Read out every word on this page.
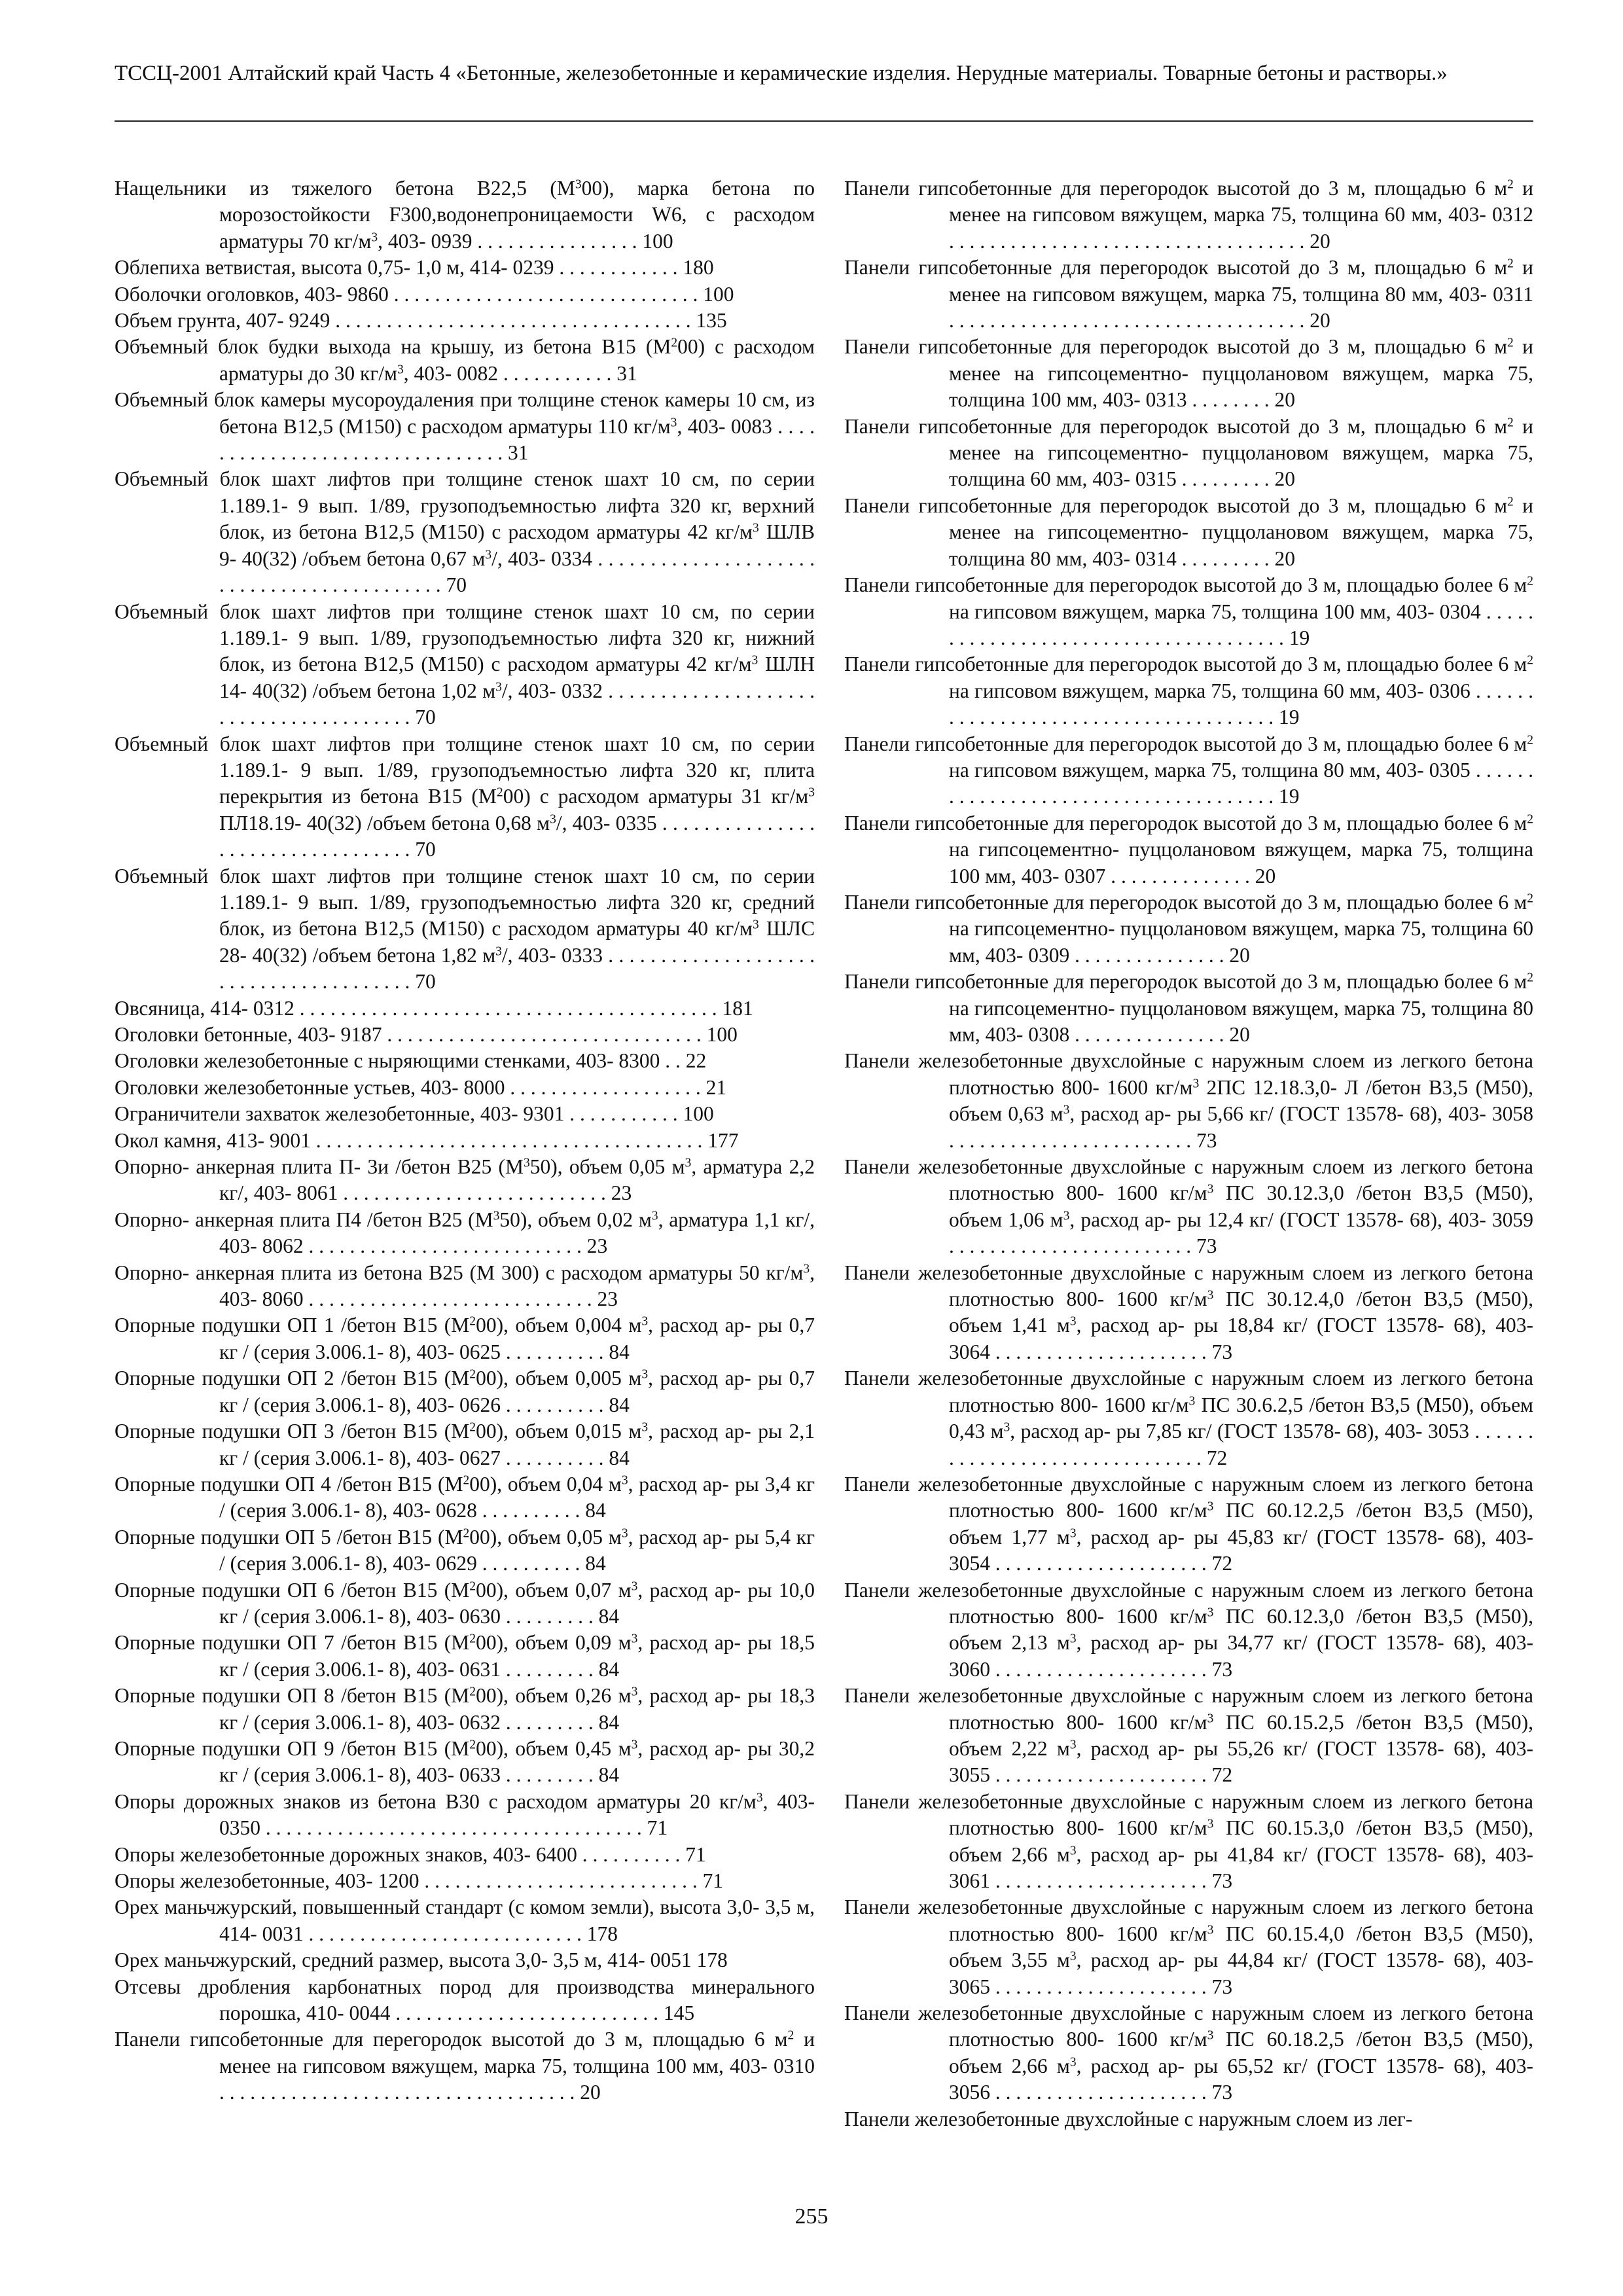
ТССЦ-2001 Алтайский край Часть 4 «Бетонные, железобетонные и керамические изделия. Нерудные материалы. Товарные бетоны и растворы.»

Нащельники из тяжелого бетона В22,5 $(М^300)$, марка бетона по морозостойкости F300,водонепроницаемости W6, с расходом арматуры 70 $кг/м^3$, 403- 0939 . . . . . . . . . . . . . . . . 100

Облепиха ветвистая, высота 0,75- 1,0 м, 414- 0239 . . . . . . . . . . . . 180

Оболочки оголовков, 403- 9860 . . . . . . . . . . . . . . . . . . . . . . . . . . . . . . 100

Объем грунта, 407- 9249 . . . . . . . . . . . . . . . . . . . . . . . . . . . . . . . . . . . 135

Объемный блок будки выхода на крышу, из бетона В15 $(М^200)$ с расходом арматуры до 30 $кг/м^3$, 403- 0082 . . . . . . . . . . . 31

Объемный блок камеры мусороудаления при толщине стенок камеры 10 см, из бетона В12,5 (М150) с расходом арматуры 110 $кг/м^3$, 403- 0083 . . . . . . . . . . . . . . . . . . . . . . . . . . . . . . . . 31

Объемный блок шахт лифтов при толщине стенок шахт 10 см, по серии 1.189.1- 9 вып. 1/89, грузоподъемностью лифта 320 кг, верхний блок, из бетона В12,5 (М150) с расходом арматуры 42 $кг/м^3$ ШЛВ 9- 40(32) /объем бетона 0,67 $м^3/$, 403- 0334 . . . . . . . . . . . . . . . . . . . . . . . . . . . . . . . . . . . . . . . . . . . 70

Объемный блок шахт лифтов при толщине стенок шахт 10 см, по серии 1.189.1- 9 вып. 1/89, грузоподъемностью лифта 320 кг, нижний блок, из бетона В12,5 (М150) с расходом арматуры 42 $кг/м^3$ ШЛН 14- 40(32) /объем бетона 1,02 $м^3/$, 403- 0332 . . . . . . . . . . . . . . . . . . . . . . . . . . . . . . . . . . . . . . . 70

Объемный блок шахт лифтов при толщине стенок шахт 10 см, по серии 1.189.1- 9 вып. 1/89, грузоподъемностью лифта 320 кг, плита перекрытия из бетона В15 $(М^200)$ с расходом арматуры 31 $кг/м^3$ ПЛ18.19- 40(32) /объем бетона 0,68 $м^3/$, 403- 0335 . . . . . . . . . . . . . . . . . . . . . . . . . . . . . . . . . . 70

Объемный блок шахт лифтов при толщине стенок шахт 10 см, по серии 1.189.1- 9 вып. 1/89, грузоподъемностью лифта 320 кг, средний блок, из бетона В12,5 (М150) с расходом арматуры 40 $кг/м^3$ ШЛС 28- 40(32) /объем бетона 1,82 $м^3/$, 403- 0333 . . . . . . . . . . . . . . . . . . . . . . . . . . . . . . . . . . . . . . . 70

Овсяница, 414- 0312 . . . . . . . . . . . . . . . . . . . . . . . . . . . . . . . . . . . . . . . . . 181

Оголовки бетонные, 403- 9187 . . . . . . . . . . . . . . . . . . . . . . . . . . . . . . . 100

Оголовки железобетонные с ныряющими стенками, 403- 8300 . . 22

Оголовки железобетонные устьев, 403- 8000 . . . . . . . . . . . . . . . . . . . 21

Ограничители захваток железобетонные, 403- 9301 . . . . . . . . . . . 100

Окол камня, 413- 9001 . . . . . . . . . . . . . . . . . . . . . . . . . . . . . . . . . . . . . . 177

Опорно- анкерная плита П- 3и /бетон В25 $(М^350)$, объем 0,05 $м^3$, арматура 2,2 кг/, 403- 8061 . . . . . . . . . . . . . . . . . . . . . . . . . . 23

Опорно- анкерная плита П4 /бетон В25 $(М^350)$, объем 0,02 $м^3$, арматура 1,1 кг/, 403- 8062 . . . . . . . . . . . . . . . . . . . . . . . . . . . 23

Опорно- анкерная плита из бетона В25 (М 300) с расходом арматуры 50 $кг/м^3$, 403- 8060 . . . . . . . . . . . . . . . . . . . . . . . . . . . . 23

Опорные подушки ОП 1 /бетон В15 $(М^200)$, объем 0,004 $м^3$, расход ар- ры 0,7 кг / (серия 3.006.1- 8), 403- 0625 . . . . . . . . . . 84

Опорные подушки ОП 2 /бетон В15 $(М^200)$, объем 0,005 $м^3$, расход ар- ры 0,7 кг / (серия 3.006.1- 8), 403- 0626 . . . . . . . . . . 84

Опорные подушки ОП 3 /бетон В15 $(М^200)$, объем 0,015 $м^3$, расход ар- ры 2,1 кг / (серия 3.006.1- 8), 403- 0627 . . . . . . . . . . 84

Опорные подушки ОП 4 /бетон В15 $(М^200)$, объем 0,04 $м^3$, расход ар- ры 3,4 кг / (серия 3.006.1- 8), 403- 0628 . . . . . . . . . . 84

Опорные подушки ОП 5 /бетон В15 $(М^200)$, объем 0,05 $м^3$, расход ар- ры 5,4 кг / (серия 3.006.1- 8), 403- 0629 . . . . . . . . . . 84

Опорные подушки ОП 6 /бетон В15 $(М^200)$, объем 0,07 $м^3$, расход ар- ры 10,0 кг / (серия 3.006.1- 8), 403- 0630 . . . . . . . . . 84

Опорные подушки ОП 7 /бетон В15 $(М^200)$, объем 0,09 $м^3$, расход ар- ры 18,5 кг / (серия 3.006.1- 8), 403- 0631 . . . . . . . . . 84

Опорные подушки ОП 8 /бетон В15 $(М^200)$, объем 0,26 $м^3$, расход ар- ры 18,3 кг / (серия 3.006.1- 8), 403- 0632 . . . . . . . . . 84

Опорные подушки ОП 9 /бетон В15 $(М^200)$, объем 0,45 $м^3$, расход ар- ры 30,2 кг / (серия 3.006.1- 8), 403- 0633 . . . . . . . . . 84

Опоры дорожных знаков из бетона В30 с расходом арматуры 20 $кг/м^3$, 403- 0350 . . . . . . . . . . . . . . . . . . . . . . . . . . . . . . . . . . . . . 71

Опоры железобетонные дорожных знаков, 403- 6400 . . . . . . . . . . 71

Опоры железобетонные, 403- 1200 . . . . . . . . . . . . . . . . . . . . . . . . . . . 71

Орех маньчжурский, повышенный стандарт (с комом земли), высота 3,0- 3,5 м, 414- 0031 . . . . . . . . . . . . . . . . . . . . . . . . . . . 178

Орех маньчжурский, средний размер, высота 3,0- 3,5 м, 414- 0051 178

Отсевы дробления карбонатных пород для производства минерального порошка, 410- 0044 . . . . . . . . . . . . . . . . . . . . . . . . . . 145

Панели гипсобетонные для перегородок высотой до 3 м, площадью 6 $м^2$ и менее на гипсовом вяжущем, марка 75, толщина 100 мм, 403- 0310 . . . . . . . . . . . . . . . . . . . . . . . . . . . . . . . . . . . 20

Панели гипсобетонные для перегородок высотой до 3 м, площадью 6 $м^2$ и менее на гипсовом вяжущем, марка 75, толщина 60 мм, 403- 0312 . . . . . . . . . . . . . . . . . . . . . . . . . . . . . . . . . . . 20

Панели гипсобетонные для перегородок высотой до 3 м, площадью 6 $м^2$ и менее на гипсовом вяжущем, марка 75, толщина 80 мм, 403- 0311 . . . . . . . . . . . . . . . . . . . . . . . . . . . . . . . . . . . 20

Панели гипсобетонные для перегородок высотой до 3 м, площадью 6 $м^2$ и менее на гипсоцементно- пуццолановом вяжущем, марка 75, толщина 100 мм, 403- 0313 . . . . . . . . 20

Панели гипсобетонные для перегородок высотой до 3 м, площадью 6 $м^2$ и менее на гипсоцементно- пуццолановом вяжущем, марка 75, толщина 60 мм, 403- 0315 . . . . . . . . . 20

Панели гипсобетонные для перегородок высотой до 3 м, площадью 6 $м^2$ и менее на гипсоцементно- пуццолановом вяжущем, марка 75, толщина 80 мм, 403- 0314 . . . . . . . . . 20

Панели гипсобетонные для перегородок высотой до 3 м, площадью более 6 $м^2$ на гипсовом вяжущем, марка 75, толщина 100 мм, 403- 0304 . . . . . . . . . . . . . . . . . . . . . . . . . . . . . . . . . . . . . . 19

Панели гипсобетонные для перегородок высотой до 3 м, площадью более 6 $м^2$ на гипсовом вяжущем, марка 75, толщина 60 мм, 403- 0306 . . . . . . . . . . . . . . . . . . . . . . . . . . . . . . . . . . . . . . 19

Панели гипсобетонные для перегородок высотой до 3 м, площадью более 6 $м^2$ на гипсовом вяжущем, марка 75, толщина 80 мм, 403- 0305 . . . . . . . . . . . . . . . . . . . . . . . . . . . . . . . . . . . . . . 19

Панели гипсобетонные для перегородок высотой до 3 м, площадью более 6 $м^2$ на гипсоцементно- пуццолановом вяжущем, марка 75, толщина 100 мм, 403- 0307 . . . . . . . . . . . . . . 20

Панели гипсобетонные для перегородок высотой до 3 м, площадью более 6 $м^2$ на гипсоцементно- пуццолановом вяжущем, марка 75, толщина 60 мм, 403- 0309 . . . . . . . . . . . . . . . 20

Панели гипсобетонные для перегородок высотой до 3 м, площадью более 6 $м^2$ на гипсоцементно- пуццолановом вяжущем, марка 75, толщина 80 мм, 403- 0308 . . . . . . . . . . . . . . . 20

Панели железобетонные двухслойные с наружным слоем из легкого бетона плотностью 800- 1600 $кг/м^3$ 2ПС 12.18.3,0- Л /бетон В3,5 (М50), объем 0,63 $м^3$, расход ар- ры 5,66 кг/ (ГОСТ 13578- 68), 403- 3058 . . . . . . . . . . . . . . . . . . . . . . . . 73

Панели железобетонные двухслойные с наружным слоем из легкого бетона плотностью 800- 1600 $кг/м^3$ ПС 30.12.3,0 /бетон В3,5 (М50), объем 1,06 $м^3$, расход ар- ры 12,4 кг/ (ГОСТ 13578- 68), 403- 3059 . . . . . . . . . . . . . . . . . . . . . . . . 73

Панели железобетонные двухслойные с наружным слоем из легкого бетона плотностью 800- 1600 $кг/м^3$ ПС 30.12.4,0 /бетон В3,5 (М50), объем 1,41 $м^3$, расход ар- ры 18,84 кг/ (ГОСТ 13578- 68), 403- 3064 . . . . . . . . . . . . . . . . . . . . . 73

Панели железобетонные двухслойные с наружным слоем из легкого бетона плотностью 800- 1600 $кг/м^3$ ПС 30.6.2,5 /бетон В3,5 (М50), объем 0,43 $м^3$, расход ар- ры 7,85 кг/ (ГОСТ 13578- 68), 403- 3053 . . . . . . . . . . . . . . . . . . . . . . . . . . . . . . . 72

Панели железобетонные двухслойные с наружным слоем из легкого бетона плотностью 800- 1600 $кг/м^3$ ПС 60.12.2,5 /бетон В3,5 (М50), объем 1,77 $м^3$, расход ар- ры 45,83 кг/ (ГОСТ 13578- 68), 403- 3054 . . . . . . . . . . . . . . . . . . . . . 72

Панели железобетонные двухслойные с наружным слоем из легкого бетона плотностью 800- 1600 $кг/м^3$ ПС 60.12.3,0 /бетон В3,5 (М50), объем 2,13 $м^3$, расход ар- ры 34,77 кг/ (ГОСТ 13578- 68), 403- 3060 . . . . . . . . . . . . . . . . . . . . . 73

Панели железобетонные двухслойные с наружным слоем из легкого бетона плотностью 800- 1600 $кг/м^3$ ПС 60.15.2,5 /бетон В3,5 (М50), объем 2,22 $м^3$, расход ар- ры 55,26 кг/ (ГОСТ 13578- 68), 403- 3055 . . . . . . . . . . . . . . . . . . . . . 72

Панели железобетонные двухслойные с наружным слоем из легкого бетона плотностью 800- 1600 $кг/м^3$ ПС 60.15.3,0 /бетон В3,5 (М50), объем 2,66 $м^3$, расход ар- ры 41,84 кг/ (ГОСТ 13578- 68), 403- 3061 . . . . . . . . . . . . . . . . . . . . . 73

Панели железобетонные двухслойные с наружным слоем из легкого бетона плотностью 800- 1600 $кг/м^3$ ПС 60.15.4,0 /бетон В3,5 (М50), объем 3,55 $м^3$, расход ар- ры 44,84 кг/ (ГОСТ 13578- 68), 403- 3065 . . . . . . . . . . . . . . . . . . . . . 73

Панели железобетонные двухслойные с наружным слоем из легкого бетона плотностью 800- 1600 $кг/м^3$ ПС 60.18.2,5 /бетон В3,5 (М50), объем 2,66 $м^3$, расход ар- ры 65,52 кг/ (ГОСТ 13578- 68), 403- 3056 . . . . . . . . . . . . . . . . . . . . . 73

Панели железобетонные двухслойные с наружным слоем из лег-

255
